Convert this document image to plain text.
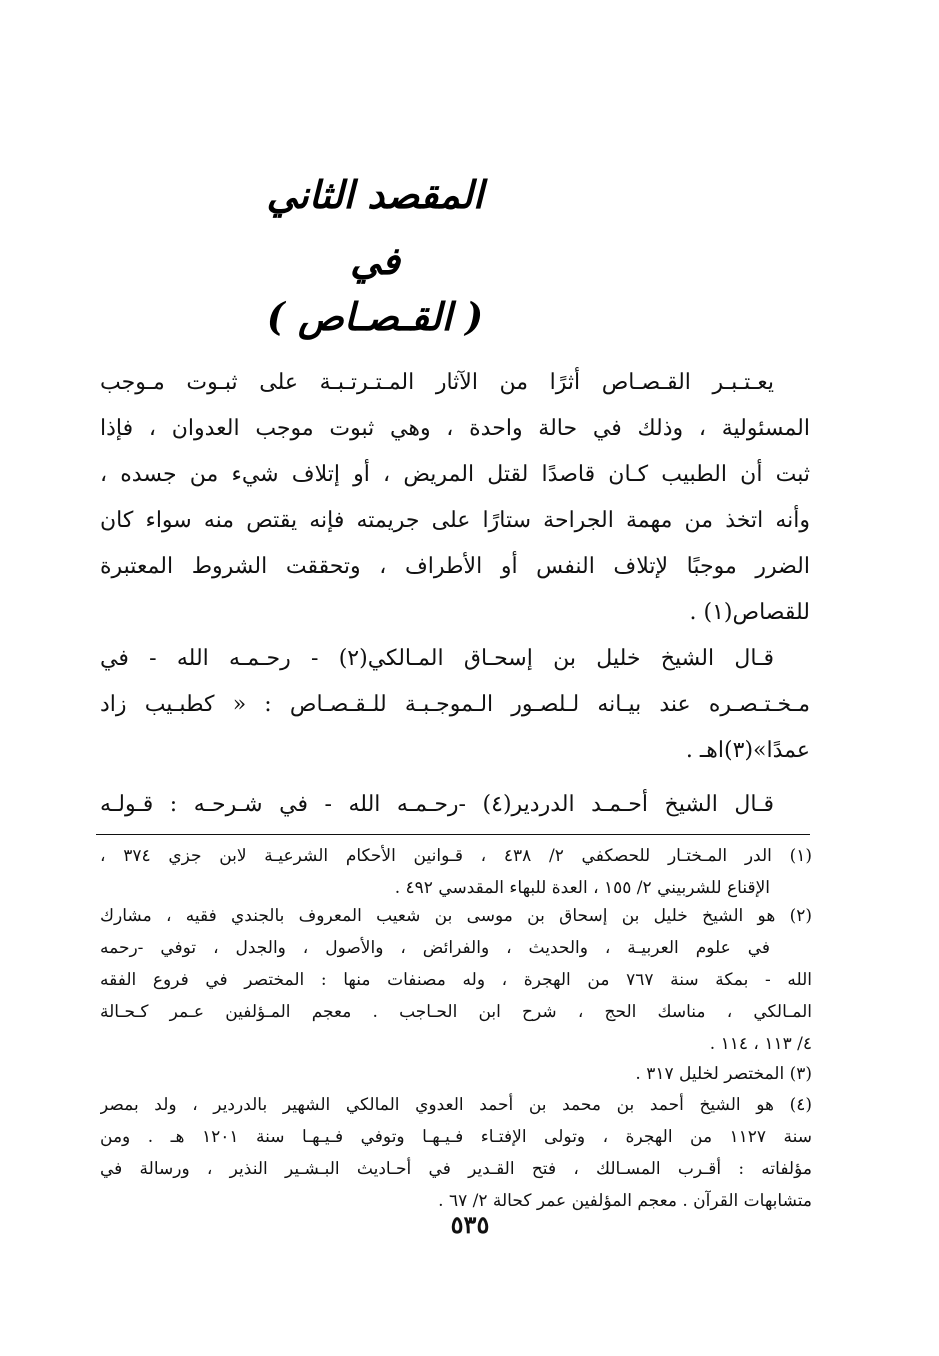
المقصد الثاني
في
( القـصـاص )
يعـتـبـر القـصـاص أثرًا من الآثار المـتـرتـبـة على ثبـوت مـوجب
المسئولية ، وذلك في حالة واحدة ، وهي ثبوت موجب العدوان ، فإذا
ثبت أن الطبيب كـان قاصدًا لقتل المريض ، أو إتلاف شيء من جسده ،
وأنه اتخذ من مهمة الجراحة ستارًا على جريمته فإنه يقتص منه سواء كان
الضرر موجبًا لإتلاف النفس أو الأطراف ، وتحققت الشروط المعتبرة
للقصاص(١) .
قـال الشيخ خليل بن إسحـاق المـالكي(٢) - رحـمـه الله - في
مـخـتـصـره عند بيـانه لـلصـور الـموجـبـة للـقـصـاص : « كطبـيب زاد
عمدًا»(٣)اهـ .
قـال الشيخ أحـمـد الدردير(٤) -رحـمـه الله - في شـرحـه : قـولـه
(١) الدر المـختـار للحصكفي ٢/ ٤٣٨ ، قـوانين الأحكام الشرعيـة لابن جزي ٣٧٤ ،
الإقناع للشربيني ٢/ ١٥٥ ، العدة للبهاء المقدسي ٤٩٢ .
(٢) هو الشيخ خليل بن إسحاق بن موسى بن شعيب المعروف بالجندي فقيه ، مشارك
في علوم العربيـة ، والحديث ، والفرائض ، والأصول ، والجدل ، توفي -رحمه
الله - بمكة سنة ٧٦٧ من الهجرة ، وله مصنفات منها : المختصر في فروع الفقه
المـالكي ، مناسك الحج ، شرح ابن الحـاجب . معجم المـؤلفين عـمر كـحـالة
٤/ ١١٣ ، ١١٤ .
(٣) المختصر لخليل ٣١٧ .
(٤) هو الشيخ أحمد بن محمد بن أحمد العدوي المالكي الشهير بالدردير ، ولد بمصر
سنة ١١٢٧ من الهجرة ، وتولى الإفتـاء فـيـهـا وتوفي فـيـهـا سنة ١٢٠١ هـ . ومن
مؤلفاته : أقـرب المسـالك ، فتح القـدير في أحـاديث البـشـير النذير ، ورسالة في
متشابهات القرآن . معجم المؤلفين عمر كحالة ٢/ ٦٧ .
٥٣٥
